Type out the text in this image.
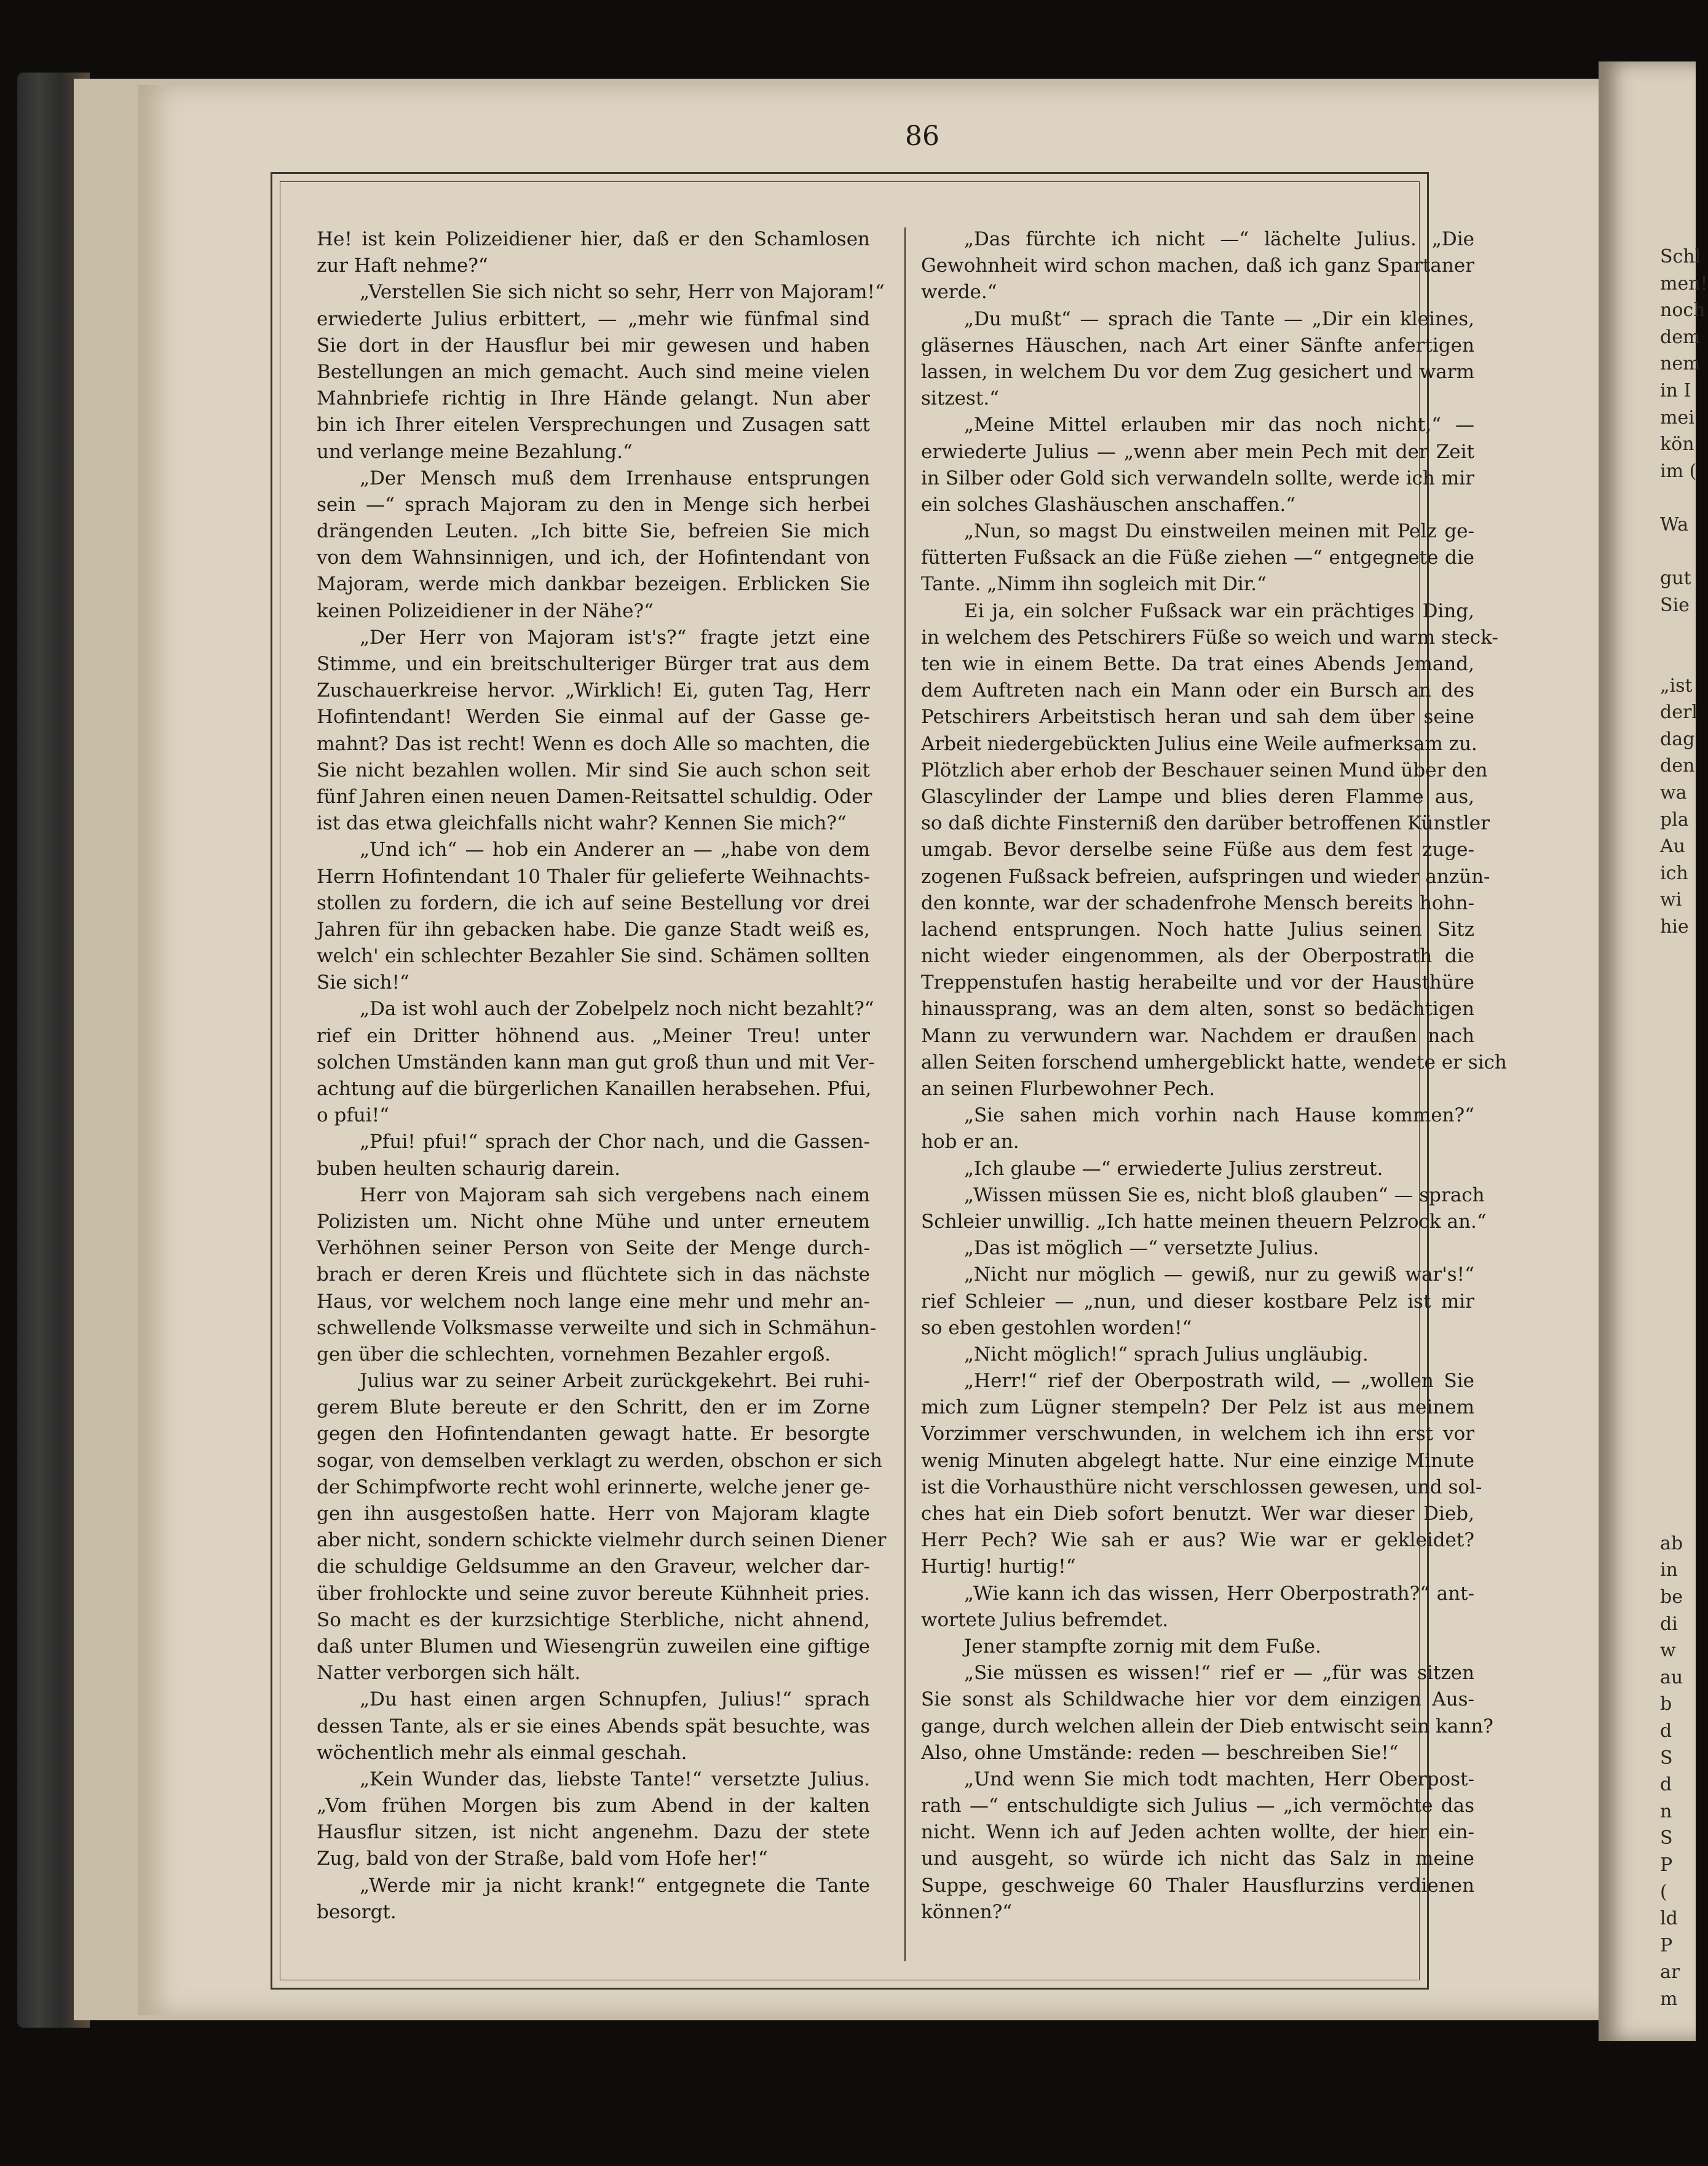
Schl
men!
noch
dem
nem
in I
mei
kön
im (
Wa
gut
Sie
„ist
derl
dag
den
wa
pla
Au
ich
wi
hie
ab
in
be
di
w
au
b
d
S
d
n
S
P
(
ld
P
ar
m
86
He! ist kein Polizeidiener hier, daß er den Schamlosen
zur Haft nehme?“
„Verstellen Sie sich nicht so sehr, Herr von Majoram!“
erwiederte Julius erbittert, — „mehr wie fünfmal sind
Sie dort in der Hausflur bei mir gewesen und haben
Bestellungen an mich gemacht. Auch sind meine vielen
Mahnbriefe richtig in Ihre Hände gelangt. Nun aber
bin ich Ihrer eitelen Versprechungen und Zusagen satt
und verlange meine Bezahlung.“
„Der Mensch muß dem Irrenhause entsprungen
sein —“ sprach Majoram zu den in Menge sich herbei
drängenden Leuten. „Ich bitte Sie, befreien Sie mich
von dem Wahnsinnigen, und ich, der Hofintendant von
Majoram, werde mich dankbar bezeigen. Erblicken Sie
keinen Polizeidiener in der Nähe?“
„Der Herr von Majoram ist's?“ fragte jetzt eine
Stimme, und ein breitschulteriger Bürger trat aus dem
Zuschauerkreise hervor. „Wirklich! Ei, guten Tag, Herr
Hofintendant! Werden Sie einmal auf der Gasse ge-
mahnt? Das ist recht! Wenn es doch Alle so machten, die
Sie nicht bezahlen wollen. Mir sind Sie auch schon seit
fünf Jahren einen neuen Damen-Reitsattel schuldig. Oder
ist das etwa gleichfalls nicht wahr? Kennen Sie mich?“
„Und ich“ — hob ein Anderer an — „habe von dem
Herrn Hofintendant 10 Thaler für gelieferte Weihnachts-
stollen zu fordern, die ich auf seine Bestellung vor drei
Jahren für ihn gebacken habe. Die ganze Stadt weiß es,
welch' ein schlechter Bezahler Sie sind. Schämen sollten
Sie sich!“
„Da ist wohl auch der Zobelpelz noch nicht bezahlt?“
rief ein Dritter höhnend aus. „Meiner Treu! unter
solchen Umständen kann man gut groß thun und mit Ver-
achtung auf die bürgerlichen Kanaillen herabsehen. Pfui,
o pfui!“
„Pfui! pfui!“ sprach der Chor nach, und die Gassen-
buben heulten schaurig darein.
Herr von Majoram sah sich vergebens nach einem
Polizisten um. Nicht ohne Mühe und unter erneutem
Verhöhnen seiner Person von Seite der Menge durch-
brach er deren Kreis und flüchtete sich in das nächste
Haus, vor welchem noch lange eine mehr und mehr an-
schwellende Volksmasse verweilte und sich in Schmähun-
gen über die schlechten, vornehmen Bezahler ergoß.
Julius war zu seiner Arbeit zurückgekehrt. Bei ruhi-
gerem Blute bereute er den Schritt, den er im Zorne
gegen den Hofintendanten gewagt hatte. Er besorgte
sogar, von demselben verklagt zu werden, obschon er sich
der Schimpfworte recht wohl erinnerte, welche jener ge-
gen ihn ausgestoßen hatte. Herr von Majoram klagte
aber nicht, sondern schickte vielmehr durch seinen Diener
die schuldige Geldsumme an den Graveur, welcher dar-
über frohlockte und seine zuvor bereute Kühnheit pries.
So macht es der kurzsichtige Sterbliche, nicht ahnend,
daß unter Blumen und Wiesengrün zuweilen eine giftige
Natter verborgen sich hält.
„Du hast einen argen Schnupfen, Julius!“ sprach
dessen Tante, als er sie eines Abends spät besuchte, was
wöchentlich mehr als einmal geschah.
„Kein Wunder das, liebste Tante!“ versetzte Julius.
„Vom frühen Morgen bis zum Abend in der kalten
Hausflur sitzen, ist nicht angenehm. Dazu der stete
Zug, bald von der Straße, bald vom Hofe her!“
„Werde mir ja nicht krank!“ entgegnete die Tante
besorgt.
„Das fürchte ich nicht —“ lächelte Julius. „Die
Gewohnheit wird schon machen, daß ich ganz Spartaner
werde.“
„Du mußt“ — sprach die Tante — „Dir ein kleines,
gläsernes Häuschen, nach Art einer Sänfte anfertigen
lassen, in welchem Du vor dem Zug gesichert und warm
sitzest.“
„Meine Mittel erlauben mir das noch nicht,“ —
erwiederte Julius — „wenn aber mein Pech mit der Zeit
in Silber oder Gold sich verwandeln sollte, werde ich mir
ein solches Glashäuschen anschaffen.“
„Nun, so magst Du einstweilen meinen mit Pelz ge-
fütterten Fußsack an die Füße ziehen —“ entgegnete die
Tante. „Nimm ihn sogleich mit Dir.“
Ei ja, ein solcher Fußsack war ein prächtiges Ding,
in welchem des Petschirers Füße so weich und warm steck-
ten wie in einem Bette. Da trat eines Abends Jemand,
dem Auftreten nach ein Mann oder ein Bursch an des
Petschirers Arbeitstisch heran und sah dem über seine
Arbeit niedergebückten Julius eine Weile aufmerksam zu.
Plötzlich aber erhob der Beschauer seinen Mund über den
Glascylinder der Lampe und blies deren Flamme aus,
so daß dichte Finsterniß den darüber betroffenen Künstler
umgab. Bevor derselbe seine Füße aus dem fest zuge-
zogenen Fußsack befreien, aufspringen und wieder anzün-
den konnte, war der schadenfrohe Mensch bereits hohn-
lachend entsprungen. Noch hatte Julius seinen Sitz
nicht wieder eingenommen, als der Oberpostrath die
Treppenstufen hastig herabeilte und vor der Hausthüre
hinaussprang, was an dem alten, sonst so bedächtigen
Mann zu verwundern war. Nachdem er draußen nach
allen Seiten forschend umhergeblickt hatte, wendete er sich
an seinen Flurbewohner Pech.
„Sie sahen mich vorhin nach Hause kommen?“
hob er an.
„Ich glaube —“ erwiederte Julius zerstreut.
„Wissen müssen Sie es, nicht bloß glauben“ — sprach
Schleier unwillig. „Ich hatte meinen theuern Pelzrock an.“
„Das ist möglich —“ versetzte Julius.
„Nicht nur möglich — gewiß, nur zu gewiß war's!“
rief Schleier — „nun, und dieser kostbare Pelz ist mir
so eben gestohlen worden!“
„Nicht möglich!“ sprach Julius ungläubig.
„Herr!“ rief der Oberpostrath wild, — „wollen Sie
mich zum Lügner stempeln? Der Pelz ist aus meinem
Vorzimmer verschwunden, in welchem ich ihn erst vor
wenig Minuten abgelegt hatte. Nur eine einzige Minute
ist die Vorhausthüre nicht verschlossen gewesen, und sol-
ches hat ein Dieb sofort benutzt. Wer war dieser Dieb,
Herr Pech? Wie sah er aus? Wie war er gekleidet?
Hurtig! hurtig!“
„Wie kann ich das wissen, Herr Oberpostrath?“ ant-
wortete Julius befremdet.
Jener stampfte zornig mit dem Fuße.
„Sie müssen es wissen!“ rief er — „für was sitzen
Sie sonst als Schildwache hier vor dem einzigen Aus-
gange, durch welchen allein der Dieb entwischt sein kann?
Also, ohne Umstände: reden — beschreiben Sie!“
„Und wenn Sie mich todt machten, Herr Oberpost-
rath —“ entschuldigte sich Julius — „ich vermöchte das
nicht. Wenn ich auf Jeden achten wollte, der hier ein-
und ausgeht, so würde ich nicht das Salz in meine
Suppe, geschweige 60 Thaler Hausflurzins verdienen
können?“
